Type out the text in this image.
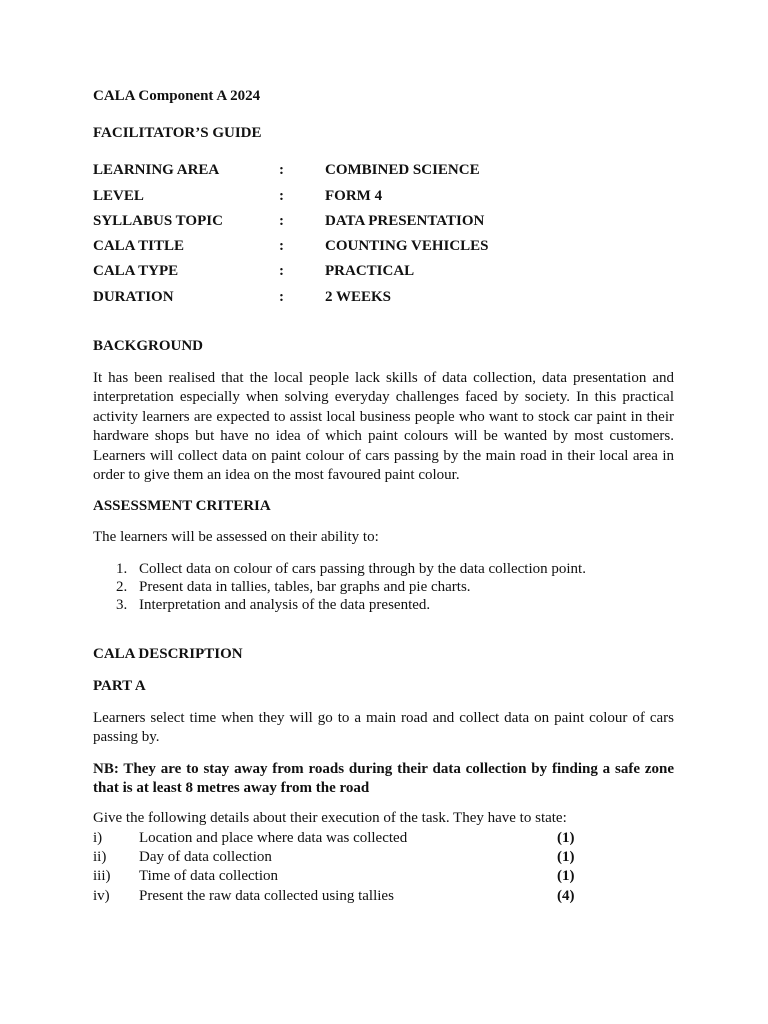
CALA Component A 2024
FACILITATOR’S GUIDE
LEARNING AREA	:	COMBINED SCIENCE
LEVEL	:	FORM 4
SYLLABUS TOPIC	:	DATA PRESENTATION
CALA TITLE	:	COUNTING VEHICLES
CALA TYPE	:	PRACTICAL
DURATION	:	2 WEEKS
BACKGROUND
It has been realised that the local people lack skills of data collection, data presentation and interpretation especially when solving everyday challenges faced by society. In this practical activity learners are expected to assist local business people who want to stock car paint in their hardware shops but have no idea of which paint colours will be wanted by most customers. Learners will collect data on paint colour of cars passing by the main road in their local area in order to give them an idea on the most favoured paint colour.
ASSESSMENT CRITERIA
The learners will be assessed on their ability to:
1. Collect data on colour of cars passing through by the data collection point.
2. Present data in tallies, tables, bar graphs and pie charts.
3. Interpretation and analysis of the data presented.
CALA DESCRIPTION
PART A
Learners select time when they will go to a main road and collect data on paint colour of cars passing by.
NB: They are to stay away from roads during their data collection by finding a safe zone that is at least 8 metres away from the road
Give the following details about their execution of the task. They have to state:
i) Location and place where data was collected	(1)
ii) Day of data collection	(1)
iii) Time of data collection	(1)
iv) Present the raw data collected using tallies	(4)
